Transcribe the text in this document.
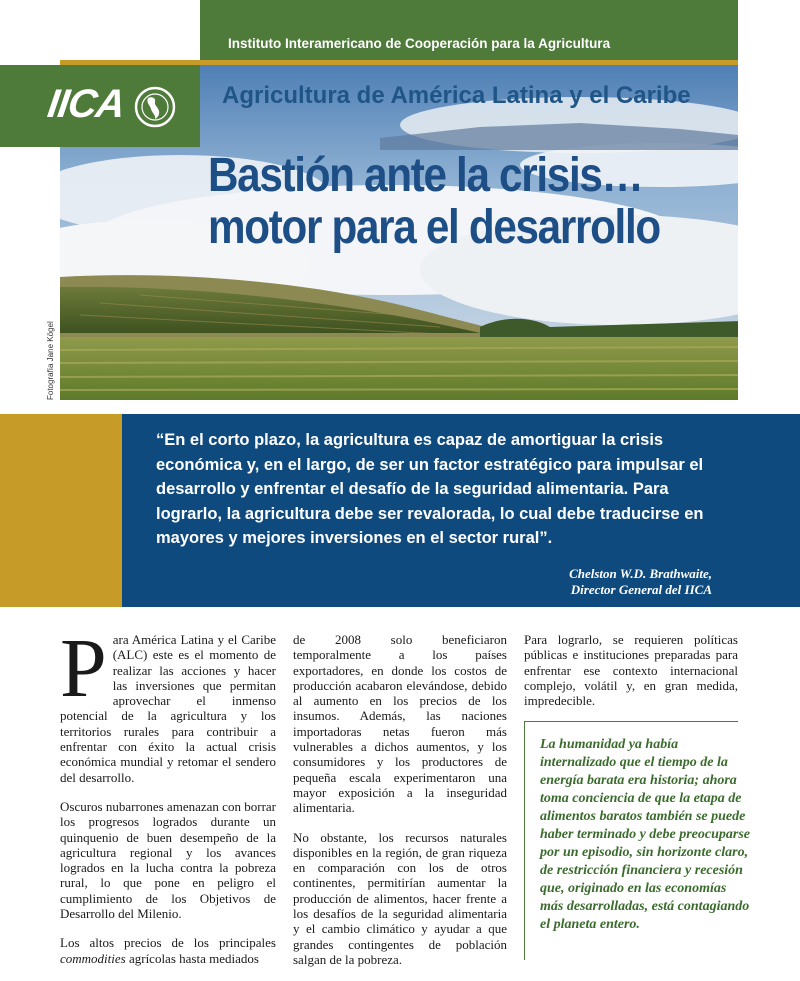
Instituto Interamericano de Cooperación para la Agricultura
IICA	Agricultura de América Latina y el Caribe
Bastión ante la crisis…
motor para el desarrollo
Fotografía Jane Kögel
“En el corto plazo, la agricultura es capaz de amortiguar la crisis económica y, en el largo, de ser un factor estratégico para impulsar el desarrollo y enfrentar el desafío de la seguridad alimentaria. Para lograrlo, la agricultura debe ser revalorada, lo cual debe traducirse en mayores y mejores inversiones en el sector rural”.
Chelston W.D. Brathwaite,
Director General del IICA

Para América Latina y el Caribe (ALC) este es el momento de realizar las acciones y hacer las inversiones que permitan aprovechar el inmenso potencial de la agricultura y los territorios rurales para contribuir a enfrentar con éxito la actual crisis económica mundial y retomar el sendero del desarrollo.

Oscuros nubarrones amenazan con borrar los progresos logrados durante un quinquenio de buen desempeño de la agricultura regional y los avances logrados en la lucha contra la pobreza rural, lo que pone en peligro el cumplimiento de los Objetivos de Desarrollo del Milenio.

Los altos precios de los principales commodities agrícolas hasta mediados

de 2008 solo beneficiaron temporalmente a los países exportadores, en donde los costos de producción acabaron elevándose, debido al aumento en los precios de los insumos. Además, las naciones importadoras netas fueron más vulnerables a dichos aumentos, y los consumidores y los productores de pequeña escala experimentaron una mayor exposición a la inseguridad alimentaria.

No obstante, los recursos naturales disponibles en la región, de gran riqueza en comparación con los de otros continentes, permitirían aumentar la producción de alimentos, hacer frente a los desafíos de la seguridad alimentaria y el cambio climático y ayudar a que grandes contingentes de población salgan de la pobreza.

Para lograrlo, se requieren políticas públicas e instituciones preparadas para enfrentar ese contexto internacional complejo, volátil y, en gran medida, impredecible.

La humanidad ya había internalizado que el tiempo de la energía barata era historia; ahora toma conciencia de que la etapa de alimentos baratos también se puede haber terminado y debe preocuparse por un episodio, sin horizonte claro, de restricción financiera y recesión que, originado en las economías más desarrolladas, está contagiando el planeta entero.
